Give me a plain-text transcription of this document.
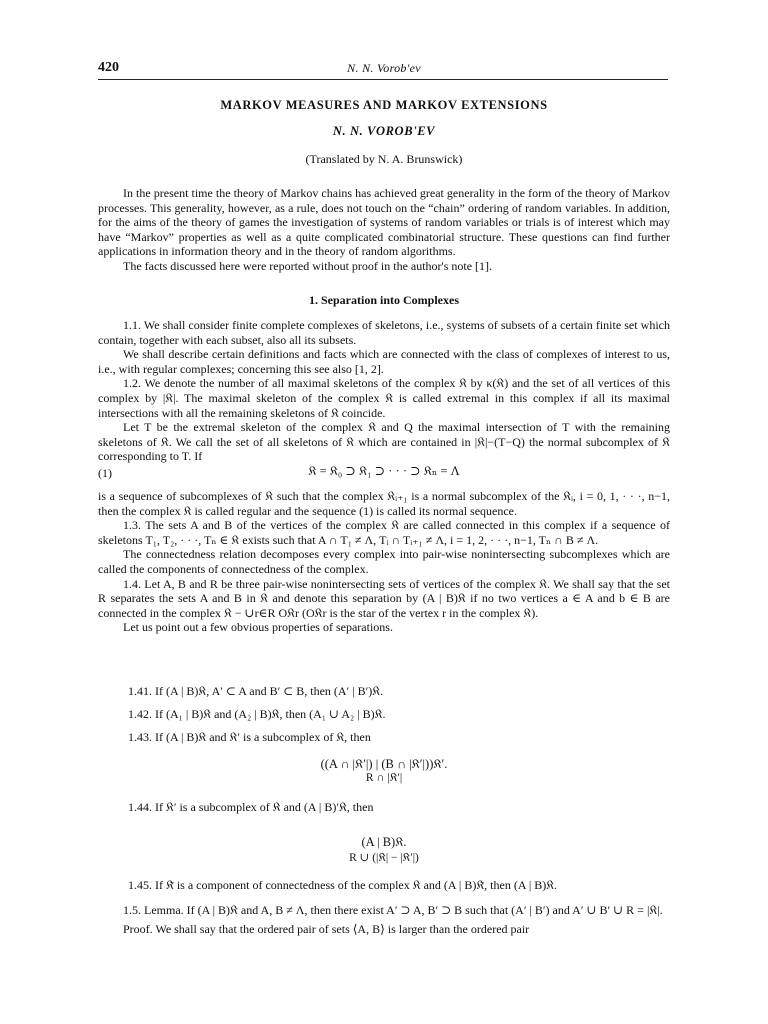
420	N. N. Vorob'ev
MARKOV MEASURES AND MARKOV EXTENSIONS
N. N. VOROB'EV
(Translated by N. A. Brunswick)

In the present time the theory of Markov chains has achieved great generality in the form of the theory of Markov processes. This generality, however, as a rule, does not touch on the “chain” ordering of random variables. In addition, for the aims of the theory of games the investigation of systems of random variables or trials is of interest which may have “Markov” properties as well as a quite complicated combinatorial structure. These questions can find further applications in information theory and in the theory of random algorithms.

The facts discussed here were reported without proof in the author's note [1].

1. Separation into Complexes

1.1. We shall consider finite complete complexes of skeletons, i.e., systems of subsets of a certain finite set which contain, together with each subset, also all its subsets.

We shall describe certain definitions and facts which are connected with the class of complexes of interest to us, i.e., with regular complexes; concerning this see also [1, 2].

1.2. We denote the number of all maximal skeletons of the complex 𝔎 by κ(𝔎) and the set of all vertices of this complex by |𝔎|. The maximal skeleton of the complex 𝔎 is called extremal in this complex if all its maximal intersections with all the remaining skeletons of 𝔎 coincide.

Let T be the extremal skeleton of the complex 𝔎 and Q the maximal intersection of T with the remaining skeletons of 𝔎. We call the set of all skeletons of 𝔎 which are contained in |𝔎|−(T−Q) the normal subcomplex of 𝔎 corresponding to T. If

(1)	𝔎 = 𝔎₀ ⊃ 𝔎₁ ⊃ · · · ⊃ 𝔎ₙ = Λ

is a sequence of subcomplexes of 𝔎 such that the complex 𝔎ᵢ₊₁ is a normal subcomplex of the 𝔎ᵢ, i = 0, 1, · · ·, n−1, then the complex 𝔎 is called regular and the sequence (1) is called its normal sequence.

1.3. The sets A and B of the vertices of the complex 𝔎 are called connected in this complex if a sequence of skeletons T₁, T₂, · · ·, Tₙ ∈ 𝔎 exists such that A ∩ T₁ ≠ Λ, Tᵢ ∩ Tᵢ₊₁ ≠ Λ, i = 1, 2, · · ·, n−1, Tₙ ∩ B ≠ Λ.

The connectedness relation decomposes every complex into pair-wise nonintersecting subcomplexes which are called the components of connectedness of the complex.

1.4. Let A, B and R be three pair-wise nonintersecting sets of vertices of the complex 𝔎. We shall say that the set R separates the sets A and B in 𝔎 and denote this separation by (A | B)𝔎 if no two vertices a ∈ A and b ∈ B are connected in the complex 𝔎 − ∪r∈R O𝔎r (O𝔎r is the star of the vertex r in the complex 𝔎).

Let us point out a few obvious properties of separations.

1.41. If (A | B)𝔎, A′ ⊂ A and B′ ⊂ B, then (A′ | B′)𝔎.
1.42. If (A₁ | B)𝔎 and (A₂ | B)𝔎, then (A₁ ∪ A₂ | B)𝔎.
1.43. If (A | B)𝔎 and 𝔎′ is a subcomplex of 𝔎, then
((A ∩ |𝔎′|) | (B ∩ |𝔎′|))𝔎′.
R ∩ |𝔎′|
1.44. If 𝔎′ is a subcomplex of 𝔎 and (A | B)′𝔎, then
(A | B)𝔎.
R ∪ (|𝔎| − |𝔎′|)
1.45. If 𝔎̃ is a component of connectedness of the complex 𝔎 and (A | B)𝔎̃, then (A | B)𝔎.

1.5. Lemma. If (A | B)𝔎 and A, B ≠ Λ, then there exist A′ ⊃ A, B′ ⊃ B such that (A′ | B′) and A′ ∪ B′ ∪ R = |𝔎|.

Proof. We shall say that the ordered pair of sets ⟨A, B⟩ is larger than the ordered pair
